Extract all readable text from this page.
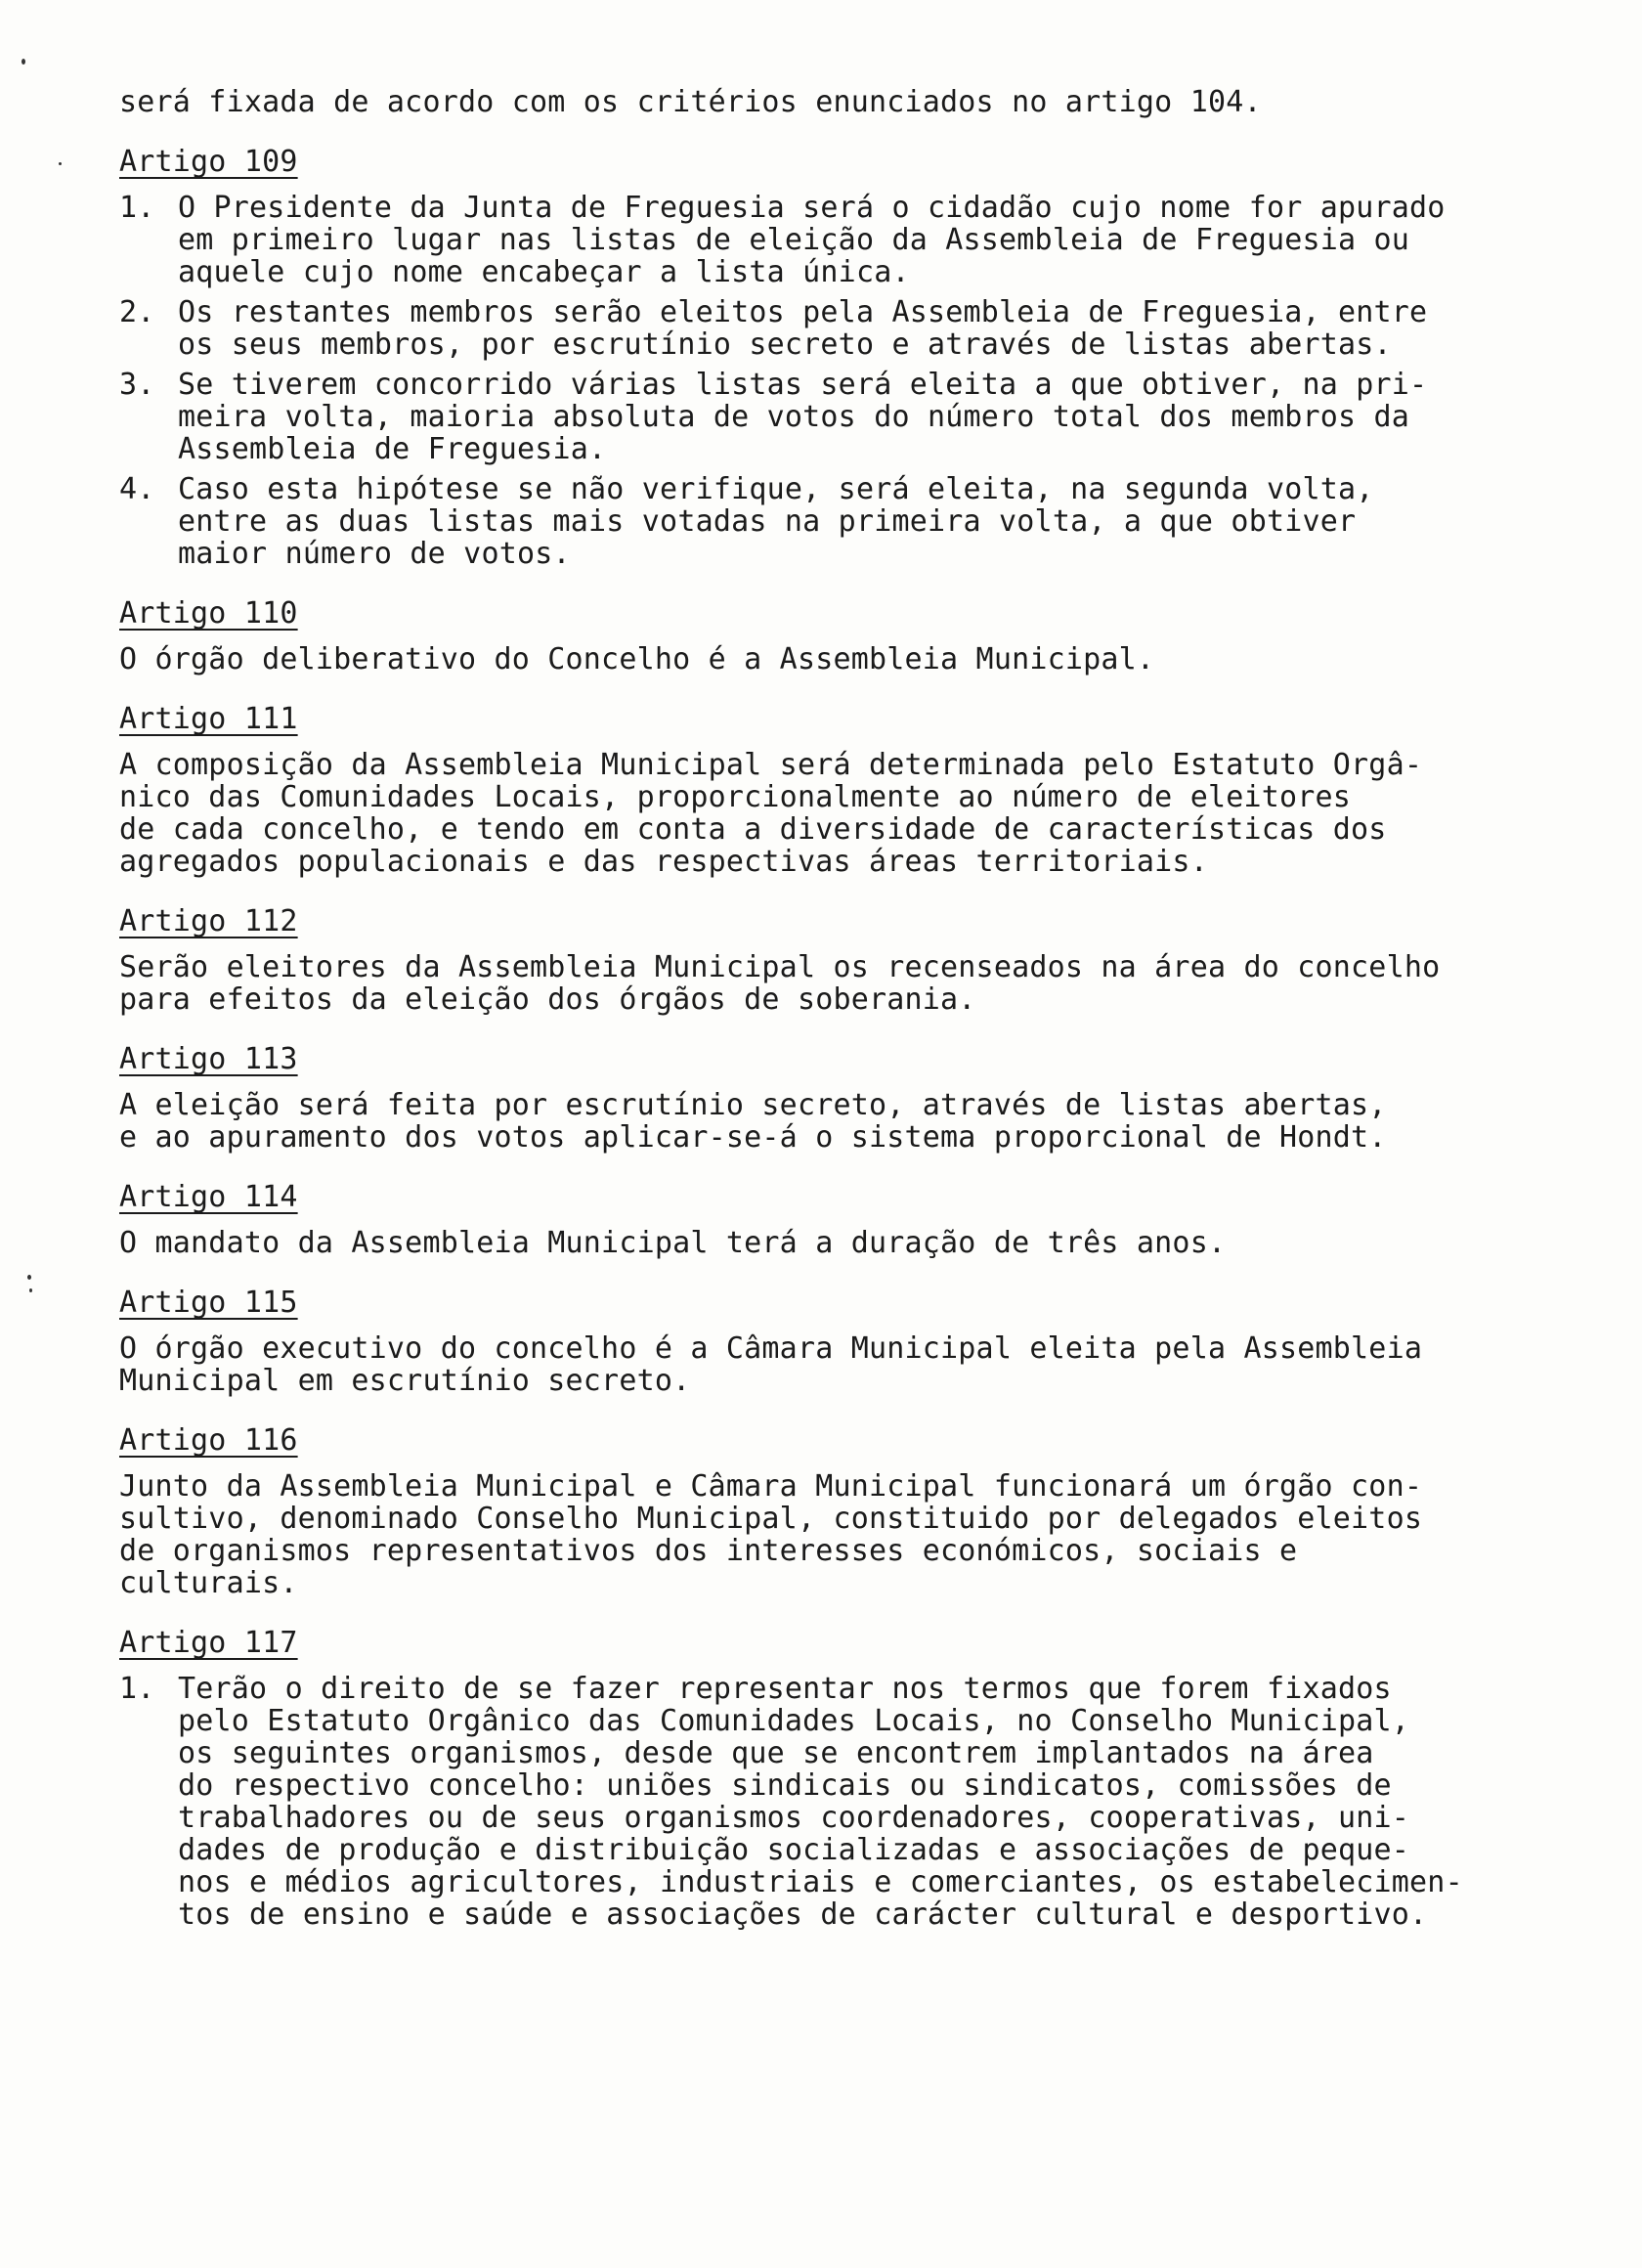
será fixada de acordo com os critérios enunciados no artigo 104.

Artigo 109
1. O Presidente da Junta de Freguesia será o cidadão cujo nome for apurado
em primeiro lugar nas listas de eleição da Assembleia de Freguesia ou
aquele cujo nome encabeçar a lista única.
2. Os restantes membros serão eleitos pela Assembleia de Freguesia, entre
os seus membros, por escrutínio secreto e através de listas abertas.
3. Se tiverem concorrido várias listas será eleita a que obtiver, na pri-
meira volta, maioria absoluta de votos do número total dos membros da
Assembleia de Freguesia.
4. Caso esta hipótese se não verifique, será eleita, na segunda volta,
entre as duas listas mais votadas na primeira volta, a que obtiver
maior número de votos.
Artigo 110
O órgão deliberativo do Concelho é a Assembleia Municipal.
Artigo 111
A composição da Assembleia Municipal será determinada pelo Estatuto Orgâ-
nico das Comunidades Locais, proporcionalmente ao número de eleitores
de cada concelho, e tendo em conta a diversidade de características dos
agregados populacionais e das respectivas áreas territoriais.
Artigo 112
Serão eleitores da Assembleia Municipal os recenseados na área do concelho
para efeitos da eleição dos órgãos de soberania.
Artigo 113
A eleição será feita por escrutínio secreto, através de listas abertas,
e ao apuramento dos votos aplicar-se-á o sistema proporcional de Hondt.
Artigo 114
O mandato da Assembleia Municipal terá a duração de três anos.
Artigo 115
O órgão executivo do concelho é a Câmara Municipal eleita pela Assembleia
Municipal em escrutínio secreto.
Artigo 116
Junto da Assembleia Municipal e Câmara Municipal funcionará um órgão con-
sultivo, denominado Conselho Municipal, constituido por delegados eleitos
de organismos representativos dos interesses económicos, sociais e
culturais.
Artigo 117
1. Terão o direito de se fazer representar nos termos que forem fixados
pelo Estatuto Orgânico das Comunidades Locais, no Conselho Municipal,
os seguintes organismos, desde que se encontrem implantados na área
do respectivo concelho: uniões sindicais ou sindicatos, comissões de
trabalhadores ou de seus organismos coordenadores, cooperativas, uni-
dades de produção e distribuição socializadas e associações de peque-
nos e médios agricultores, industriais e comerciantes, os estabelecimen-
tos de ensino e saúde e associações de carácter cultural e desportivo.
